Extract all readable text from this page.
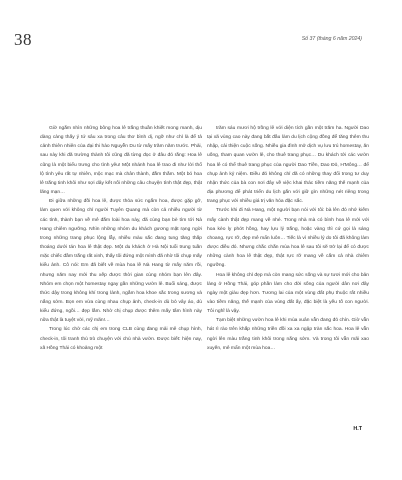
38	Số 37 (tháng 6 năm 2024)

Giờ ngắm nhìn những bông hoa lê trắng thuần khiết mong manh, dịu dàng càng thấy ý tứ sâu xa trong câu thơ bình dị, ngỡ như chỉ là để tả cảnh thiên nhiên của đại thi hào Nguyễn Du từ mấy trăm năm trước. Phải, sau này khi đã trường thành tôi cũng đã từng đọc ở đâu đó rằng: Hoa lê cũng là một biểu trưng cho tình yêu! Một nhánh hoa lê trao đi như lời thổ lộ tình yêu rất tự nhiên, mộc mạc mà chân thành, đằm thắm. Một bó hoa lê trắng tinh khôi như sợi dây kết nối những câu chuyện tình thật đẹp, thật lãng mạn…

Đi giữa những đồi hoa lê, được thỏa sức ngắm hoa, được gặp gỡ, làm quen với không chỉ người Tuyên Quang mà còn cả nhiều người từ các tỉnh, thành bạn về mê đắm loài hoa này, đã cùng bạn bè tìm tới Nà Hang chiêm ngưỡng. Nhìn những nhóm du khách gương mặt rạng ngời trong những trang phục lộng lẫy, nhiều màu sắc đang tung tăng thấp thoáng dưới tán hoa lê thật đẹp. Một du khách ở Hà Nội tuổi trung tuần mặc chiếc đầm trắng rất xinh, thấy tôi đứng một mình đã nhờ tôi chụp mấy kiểu ảnh. Cô nói: Em đã biết về mùa hoa lê Nà Hang từ mấy năm rồi, nhưng năm nay mới thu xếp được thời gian cùng nhóm bạn lên đây. Nhóm em chọn một homestay ngay gần những vườn lê. Buổi sáng, được thức dậy trong không khí trong lành, ngắm hoa khoe sắc trong sương và nắng sớm. Bọn em vừa cùng nhau chụp ảnh, check-in dù bỏ vây áo, dù kiểu đứng, ngồi… đẹp lắm. Nhờ chị chụp được thêm mấy tấm hình này nữa thật là tuyệt vời, mỹ mãn!…

Trong lúc chờ các chị em trong CLB cùng đang mải mê chụp hình, check-in, tôi tranh thủ trò chuyện với chủ nhà vườn. Được biết: hiện nay, xã Hồng Thái có khoảng một

trăm sáu mươi hộ trồng lê với diện tích gần một trăm ha. Người Dao tại xã vùng cao này đang bắt đầu làm du lịch cộng đồng để tăng thêm thu nhập, cải thiện cuộc sống. Nhiều gia đình mở dịch vụ lưu trú homestay, ăn uống, tham quan vườn lê, cho thuê trang phục… Du khách tới các vườn hoa lê có thể thuê trang phục của người Dao Tiền, Dao Đỏ, H'Mông… để chụp ảnh kỷ niệm. Điều đó không chỉ đã có những thay đổi trong tư duy nhận thức của bà con nơi đây về việc khai thác tiềm năng thế mạnh của địa phương để phát triển du lịch gắn với giữ gìn những nét riêng trong trang phục với nhiều giá trị văn hóa đặc sắc.

Trước khi đi Nà Hang, một người bạn nói với tôi: bà lên đó nhớ kiếm mấy cành thật đẹp mang về nhé. Trong nhà mà có bình hoa lê mới với hoa kèo ly phớt hồng, hay lựu lý trắng, hoặc vàng thì cứ gọi là sáng choang, rực rỡ, đẹp mê mẩn luôn… Tiếc là vì nhiều lý do tôi đã không làm được điều đó. Nhưng chắc chắn mùa hoa lê sau tôi sẽ trở lại để có được những cành hoa lê thật đẹp, thật rực rỡ mang về cắm cả nhà chiêm ngưỡng.

Hoa lê không chỉ đẹp mà còn mang sức sống và sự tươi mới cho bản làng ở Hồng Thái, góp phần làm cho đời sống của người dân nơi đây ngày một giàu đẹp hơn. Tương lai của một vùng đất phụ thuộc rất nhiều vào tiềm năng, thế mạnh của vùng đất ấy, đặc biệt là yếu tố con người. Tôi nghĩ là vậy.

Tạm biệt những vườn hoa lê khi mùa xuân vẫn đang đỏ chín. Giờ vẫn hát rì rào trên khắp những triền đồi xa xa ngập tràn sắc hoa. Hoa lê vẫn ngời lên màu trắng tinh khôi trong nắng sớm. Và trong tôi vẫn mãi xao xuyến, mê mẩn một mùa hoa…

H.T
